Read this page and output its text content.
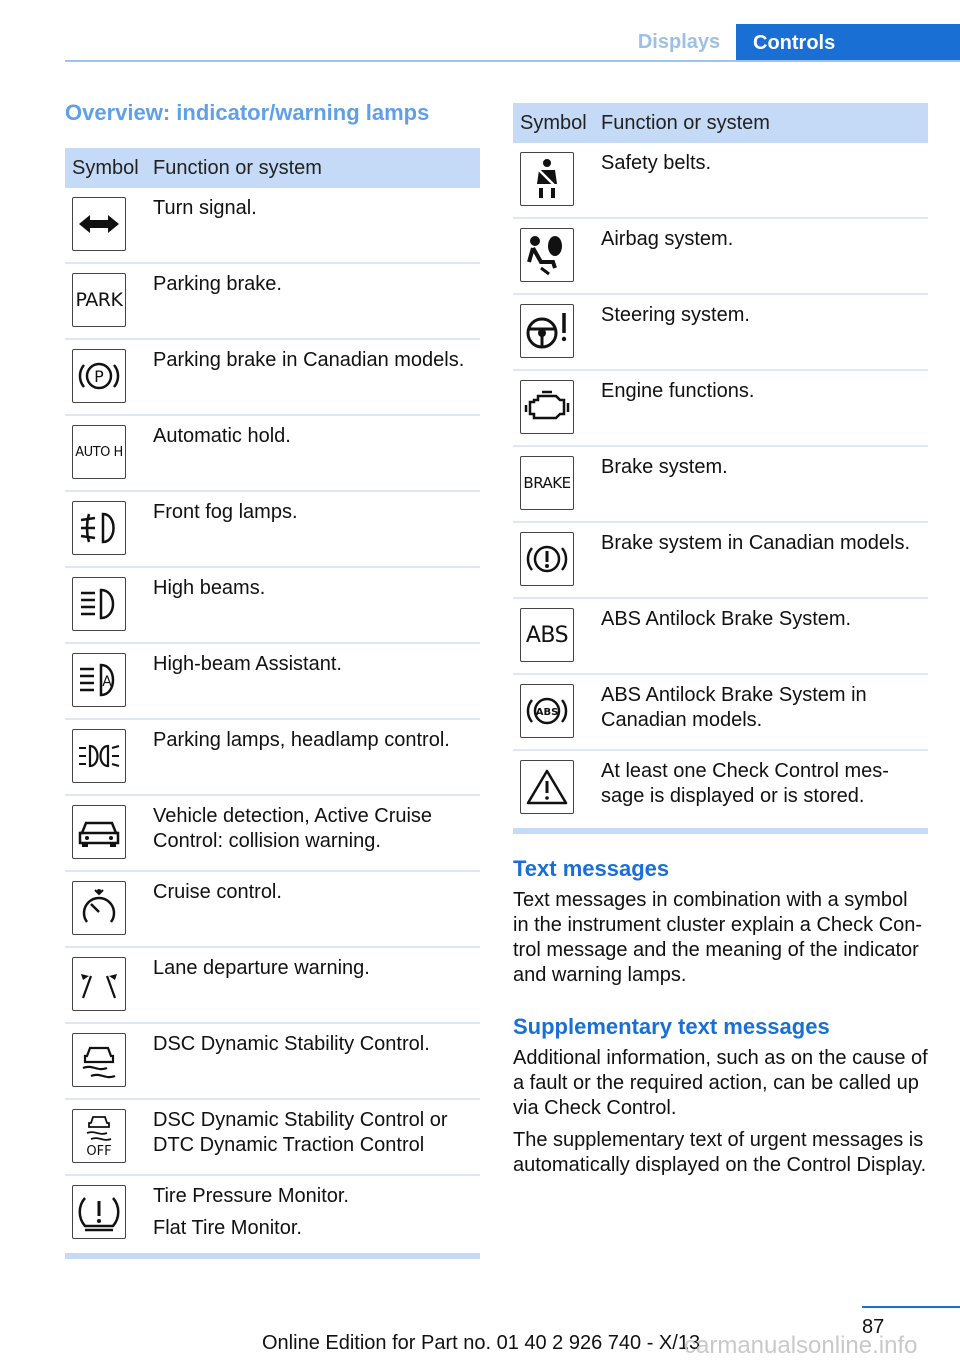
Displays	Controls
Overview: indicator/warning lamps
Symbol Function or system

Turn signal.

PARK

Parking brake.

P

Parking brake in Canadian models.

AUTO H

Automatic hold.

Front fog lamps.

High beams.

A

High-beam Assistant.

Parking lamps, headlamp control.

Vehicle detection, Active Cruise Control: collision warning.

Cruise control.

Lane departure warning.

DSC Dynamic Stability Control.

OFF

DSC Dynamic Stability Control or DTC Dynamic Traction Control

Tire Pressure Monitor.

Flat Tire Monitor.

Symbol Function or system

Safety belts.

Airbag system.

Steering system.

Engine functions.

BRAKE

Brake system.

Brake system in Canadian models.

ABS

ABS Antilock Brake System.

ABS

ABS Antilock Brake System in Canadian models.

At least one Check Control mes-sage is displayed or is stored.

Text messages

Text messages in combination with a symbol in the instrument cluster explain a Check Con-trol message and the meaning of the indicator and warning lamps.

Supplementary text messages

Additional information, such as on the cause of a fault or the required action, can be called up via Check Control.

The supplementary text of urgent messages is automatically displayed on the Control Display.

87
Online Edition for Part no. 01 40 2 926 740 - X/13
carmanualsonline.info
